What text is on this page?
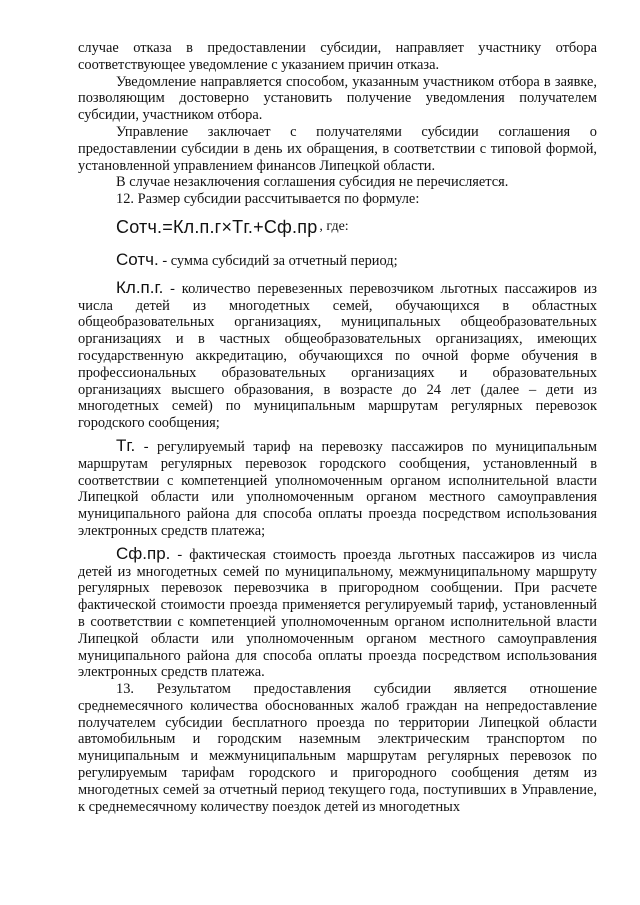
случае отказа в предоставлении субсидии, направляет участнику отбора соответствующее уведомление с указанием причин отказа.

Уведомление направляется способом, указанным участником отбора в заявке, позволяющим достоверно установить получение уведомления получателем субсидии, участником отбора.

Управление заключает с получателями субсидии соглашения о предоставлении субсидии в день их обращения, в соответствии с типовой формой, установленной управлением финансов Липецкой области.

В случае незаключения соглашения субсидия не перечисляется.

12. Размер субсидии рассчитывается по формуле:

Сотч.=Кл.п.г×Тг.+Сф.пр , где:

Сотч. - сумма субсидий за отчетный период;

Кл.п.г. - количество перевезенных перевозчиком льготных пассажиров из числа детей из многодетных семей, обучающихся в областных общеобразовательных организациях, муниципальных общеобразовательных организациях и в частных общеобразовательных организациях, имеющих государственную аккредитацию, обучающихся по очной форме обучения в профессиональных образовательных организациях и образовательных организациях высшего образования, в возрасте до 24 лет (далее – дети из многодетных семей) по муниципальным маршрутам регулярных перевозок городского сообщения;

Тг. - регулируемый тариф на перевозку пассажиров по муниципальным маршрутам регулярных перевозок городского сообщения, установленный в соответствии с компетенцией уполномоченным органом исполнительной власти Липецкой области или уполномоченным органом местного самоуправления муниципального района для способа оплаты проезда посредством использования электронных средств платежа;

Сф.пр. - фактическая стоимость проезда льготных пассажиров из числа детей из многодетных семей по муниципальному, межмуниципальному маршруту регулярных перевозок перевозчика в пригородном сообщении. При расчете фактической стоимости проезда применяется регулируемый тариф, установленный в соответствии с компетенцией уполномоченным органом исполнительной власти Липецкой области или уполномоченным органом местного самоуправления муниципального района для способа оплаты проезда посредством использования электронных средств платежа.

13. Результатом предоставления субсидии является отношение среднемесячного количества обоснованных жалоб граждан на непредоставление получателем субсидии бесплатного проезда по территории Липецкой области автомобильным и городским наземным электрическим транспортом по муниципальным и межмуниципальным маршрутам регулярных перевозок по регулируемым тарифам городского и пригородного сообщения детям из многодетных семей за отчетный период текущего года, поступивших в Управление, к среднемесячному количеству поездок детей из многодетных
